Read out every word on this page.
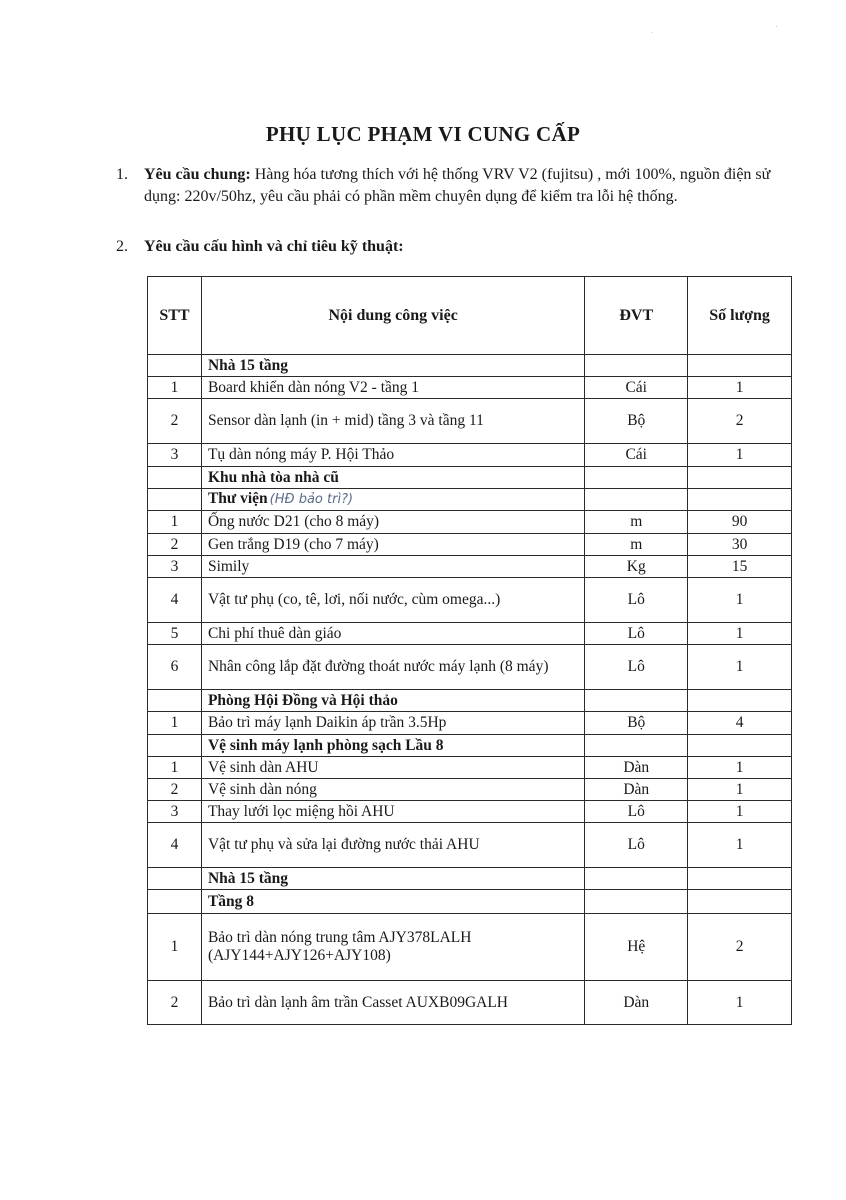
PHỤ LỤC PHẠM VI CUNG CẤP
1. Yêu cầu chung: Hàng hóa tương thích với hệ thống VRV V2 (fujitsu) , mới 100%, nguồn điện sử dụng: 220v/50hz, yêu cầu phải có phần mềm chuyên dụng để kiểm tra lỗi hệ thống.
2. Yêu cầu cấu hình và chỉ tiêu kỹ thuật:
STT	Nội dung công việc	ĐVT	Số lượng
	Nhà 15 tầng		
1	Board khiển dàn nóng V2 - tầng 1	Cái	1
2	Sensor dàn lạnh (in + mid) tầng 3 và tầng 11	Bộ	2
3	Tụ dàn nóng máy P. Hội Thảo	Cái	1
	Khu nhà tòa nhà cũ		
	Thư viện (HĐ bảo trì?)		
1	Ống nước D21 (cho 8 máy)	m	90
2	Gen trắng D19 (cho 7 máy)	m	30
3	Simily	Kg	15
4	Vật tư phụ (co, tê, lơi, nối nước, cùm omega...)	Lô	1
5	Chi phí thuê dàn giáo	Lô	1
6	Nhân công lắp đặt đường thoát nước máy lạnh (8 máy)	Lô	1
	Phòng Hội Đồng và Hội thảo		
1	Bảo trì máy lạnh Daikin áp trần 3.5Hp	Bộ	4
	Vệ sinh máy lạnh phòng sạch Lầu 8		
1	Vệ sinh dàn AHU	Dàn	1
2	Vệ sinh dàn nóng	Dàn	1
3	Thay lưới lọc miệng hồi AHU	Lô	1
4	Vật tư phụ và sửa lại đường nước thải AHU	Lô	1
	Nhà 15 tầng		
	Tầng 8		
1	Bảo trì dàn nóng trung tâm AJY378LALH (AJY144+AJY126+AJY108)	Hệ	2
2	Bảo trì dàn lạnh âm trần Casset AUXB09GALH	Dàn	1
·
·
